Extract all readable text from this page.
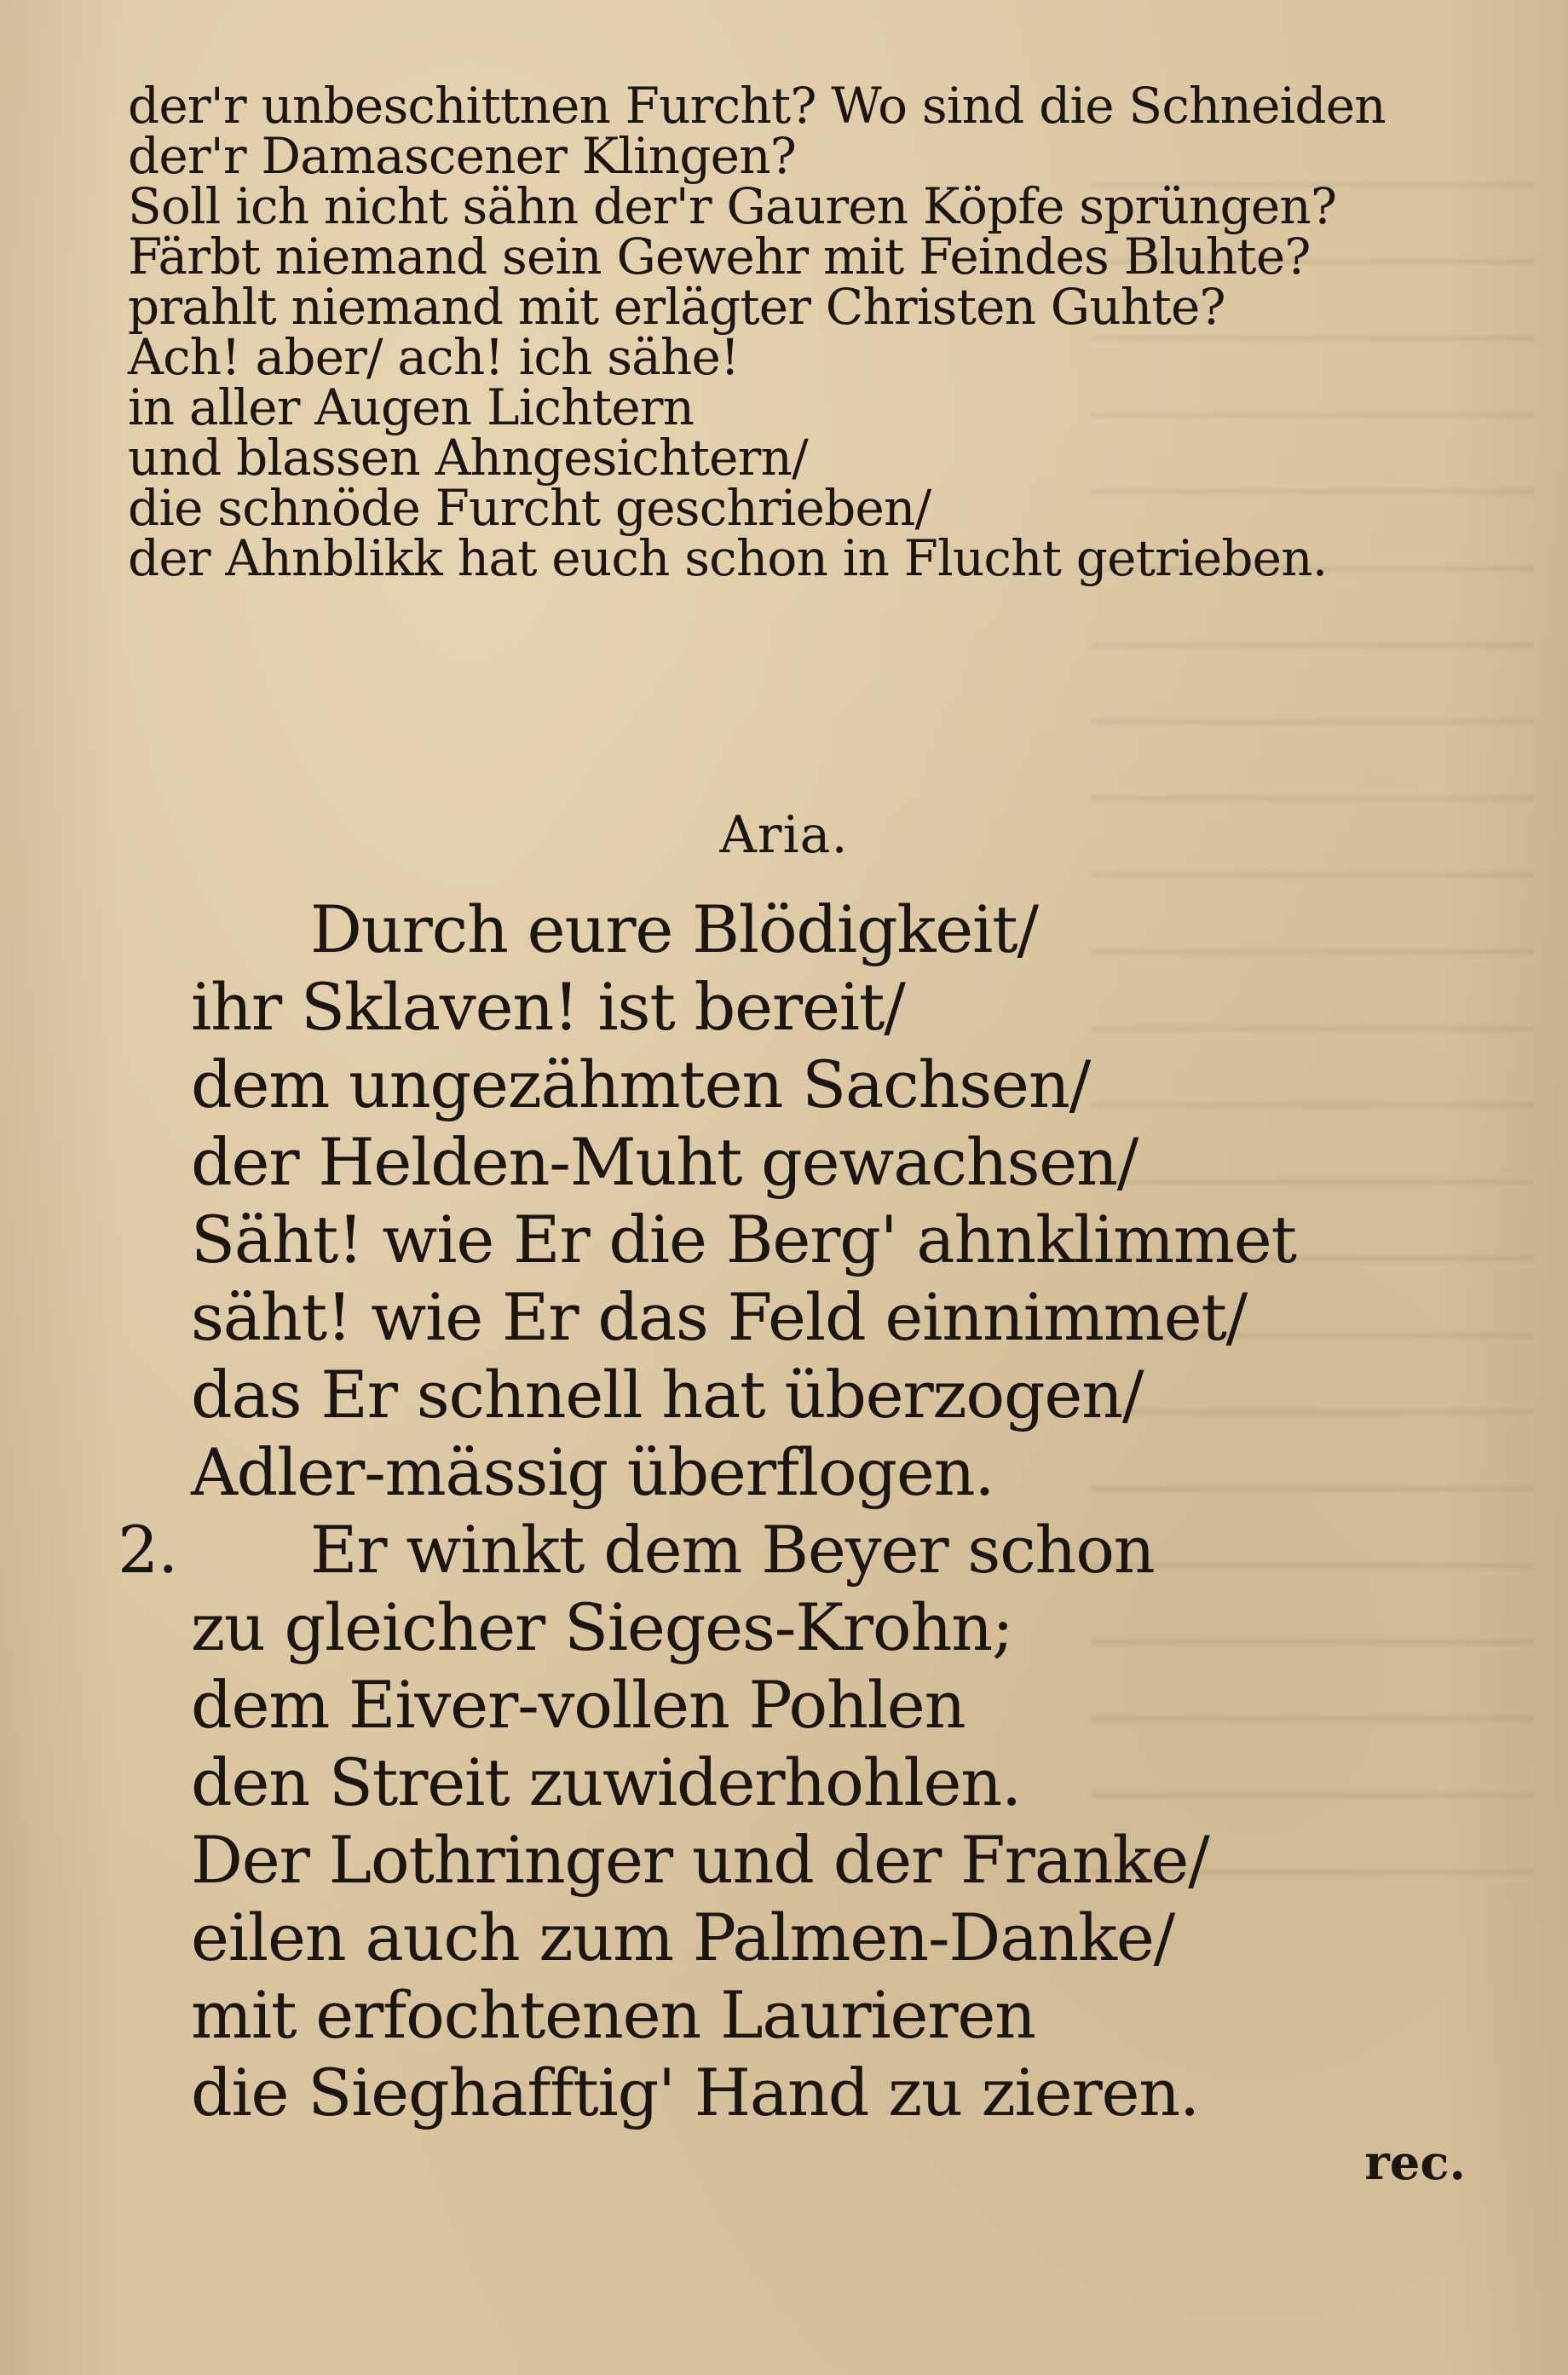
der'r unbeschittnen Furcht? Wo sind die Schneiden
der'r Damascener Klingen?
Soll ich nicht sähn der'r Gauren Köpfe sprüngen?
Färbt niemand sein Gewehr mit Feindes Bluhte?
prahlt niemand mit erlägter Christen Guhte?
Ach! aber/ ach! ich sähe!
in aller Augen Lichtern
und blassen Ahngesichtern/
die schnöde Furcht geschrieben/
der Ahnblikk hat euch schon in Flucht getrieben.
Aria.
Durch eure Blödigkeit/
ihr Sklaven! ist bereit/
dem ungezähmten Sachsen/
der Helden-Muht gewachsen/
Säht! wie Er die Berg' ahnklimmet
säht! wie Er das Feld einnimmet/
das Er schnell hat überzogen/
Adler-mässig überflogen.
2. Er winkt dem Beyer schon
zu gleicher Sieges-Krohn;
dem Eiver-vollen Pohlen
den Streit zuwiderhohlen.
Der Lothringer und der Franke/
eilen auch zum Palmen-Danke/
mit erfochtenen Laurieren
die Sieghafftig' Hand zu zieren.
rec.
